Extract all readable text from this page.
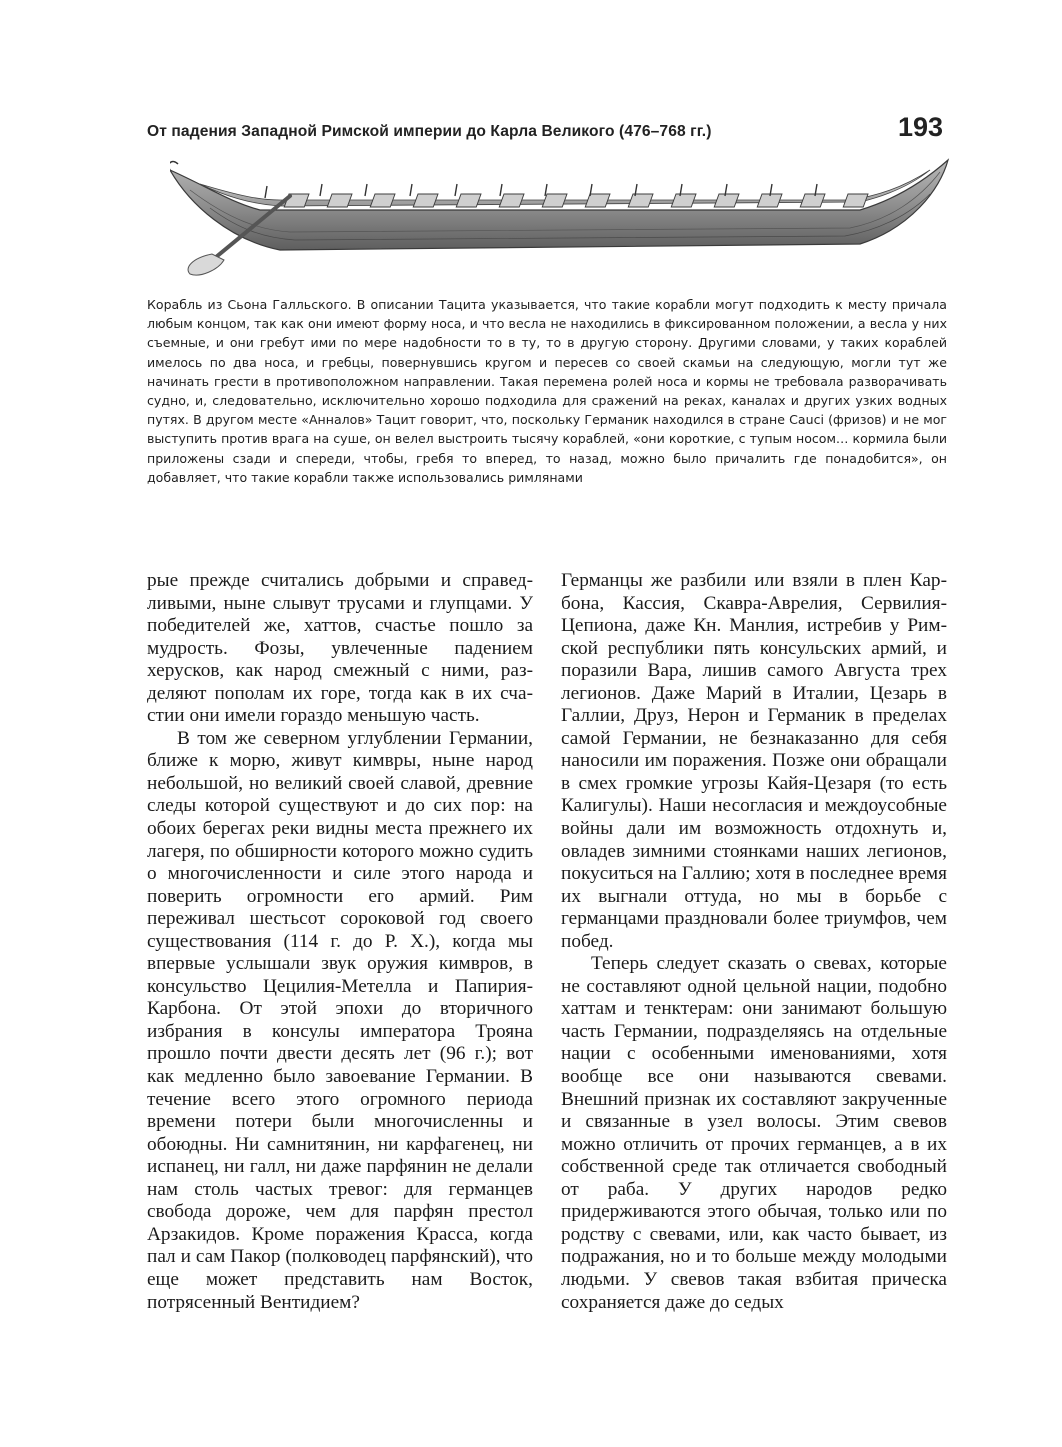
От падения Западной Римской империи до Карла Великого (476–768 гг.)	193

Корабль из Сьона Галльского. В описании Тацита указывается, что такие корабли могут подходить к месту причала любым концом, так как они имеют форму носа, и что весла не находились в фиксированном положении, а весла у них съемные, и они гребут ими по мере надобности то в ту, то в другую сторону. Другими словами, у таких кораблей имелось по два носа, и гребцы, повернувшись кругом и пересев со своей скамьи на следующую, могли тут же начинать грести в противоположном направлении. Такая перемена ролей носа и кормы не требовала разворачивать судно, и, следовательно, исключительно хорошо подходила для сражений на реках, каналах и других узких водных путях. В другом месте «Анналов» Тацит говорит, что, поскольку Германик находился в стране Cauci (фризов) и не мог выступить против врага на суше, он велел выстроить тысячу кораблей, «они короткие, с тупым носом… кормила были приложены сзади и спереди, чтобы, гребя то вперед, то назад, можно было причалить где понадобится», он добавляет, что такие корабли также использовались римлянами

рые прежде считались добрыми и справедливыми, ныне слывут трусами и глупцами. У победителей же, хаттов, счастье пошло за мудрость. Фозы, увлеченные падением херусков, как народ смежный с ними, разделяют пополам их горе, тогда как в их счастии они имели гораздо меньшую часть.

В том же северном углублении Германии, ближе к морю, живут кимвры, ныне народ небольшой, но великий своей славой, древние следы которой существуют и до сих пор: на обоих берегах реки видны места прежнего их лагеря, по обширности которого можно судить о многочисленности и силе этого народа и поверить огромности его армий. Рим переживал шестьсот сороковой год своего существования (114 г. до Р. Х.), когда мы впервые услышали звук оружия кимвров, в консульство Цецилия-Метелла и Папирия-Карбона. От этой эпохи до вторичного избрания в консулы императора Трояна прошло почти двести десять лет (96 г.); вот как медленно было завоевание Германии. В течение всего этого огромного периода времени потери были многочисленны и обоюдны. Ни самнитянин, ни карфагенец, ни испанец, ни галл, ни даже парфянин не делали нам столь частых тревог: для германцев свобода дороже, чем для парфян престол Арзакидов. Кроме поражения Красса, когда пал и сам Пакор (полководец парфянский), что еще может представить нам Восток, потрясенный Вентидием?

Германцы же разбили или взяли в плен Карбона, Кассия, Скавра-Аврелия, Сервилия-Цепиона, даже Кн. Манлия, истребив у Римской республики пять консульских армий, и поразили Вара, лишив самого Августа трех легионов. Даже Марий в Италии, Цезарь в Галлии, Друз, Нерон и Германик в пределах самой Германии, не безнаказанно для себя наносили им поражения. Позже они обращали в смех громкие угрозы Кайя-Цезаря (то есть Калигулы). Наши несогласия и междоусобные войны дали им возможность отдохнуть и, овладев зимними стоянками наших легионов, покуситься на Галлию; хотя в последнее время их выгнали оттуда, но мы в борьбе с германцами праздновали более триумфов, чем побед.

Теперь следует сказать о свевах, которые не составляют одной цельной нации, подобно хаттам и тенктерам: они занимают большую часть Германии, подразделяясь на отдельные нации с особенными именованиями, хотя вообще все они называются свевами. Внешний признак их составляют закрученные и связанные в узел волосы. Этим свевов можно отличить от прочих германцев, а в их собственной среде так отличается свободный от раба. У других народов редко придерживаются этого обычая, только или по родству с свевами, или, как часто бывает, из подражания, но и то больше между молодыми людьми. У свевов такая взбитая прическа сохраняется даже до седых
